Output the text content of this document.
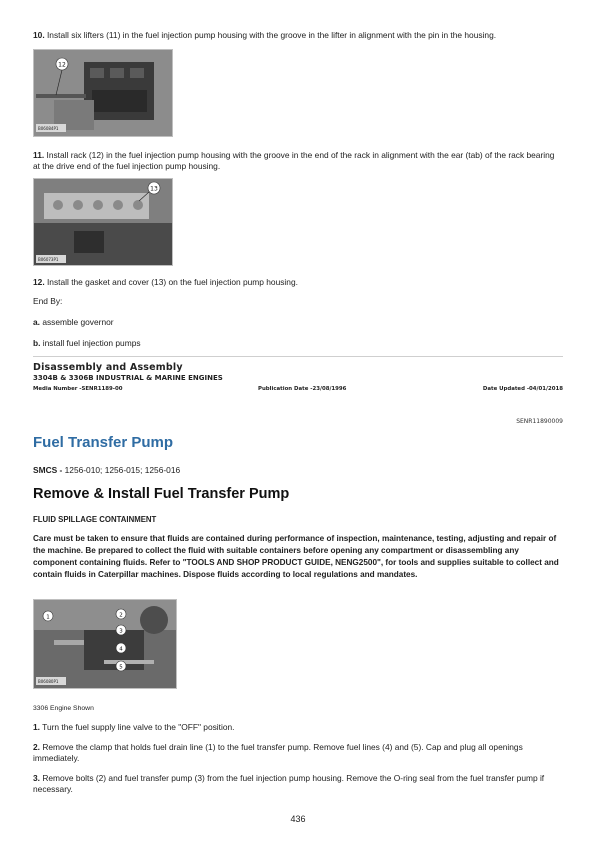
10. Install six lifters (11) in the fuel injection pump housing with the groove in the lifter in alignment with the pin in the housing.

12
B06084P1

11. Install rack (12) in the fuel injection pump housing with the groove in the end of the rack in alignment with the ear (tab) of the rack bearing at the drive end of the fuel injection pump housing.

13
B06073P1

12. Install the gasket and cover (13) on the fuel injection pump housing.

End By:

a. assemble governor

b. install fuel injection pumps

Disassembly and Assembly
3304B & 3306B INDUSTRIAL & MARINE ENGINES
Media Number -SENR1189-00	Publication Date -23/08/1996	Date Updated -04/01/2018
SENR11890009
Fuel Transfer Pump

SMCS - 1256-010; 1256-015; 1256-016

Remove & Install Fuel Transfer Pump
FLUID SPILLAGE CONTAINMENT
Care must be taken to ensure that fluids are contained during performance of inspection, maintenance, testing, adjusting and repair of the machine. Be prepared to collect the fluid with suitable containers before opening any compartment or disassembling any component containing fluids. Refer to "TOOLS AND SHOP PRODUCT GUIDE, NENG2500", for tools and supplies suitable to collect and contain fluids in Caterpillar machines. Dispose fluids according to local regulations and mandates.
1	2
3
4
5
B06080P1
3306 Engine Shown

1. Turn the fuel supply line valve to the "OFF" position.

2. Remove the clamp that holds fuel drain line (1) to the fuel transfer pump. Remove fuel lines (4) and (5). Cap and plug all openings immediately.

3. Remove bolts (2) and fuel transfer pump (3) from the fuel injection pump housing. Remove the O-ring seal from the fuel transfer pump if necessary.

436
